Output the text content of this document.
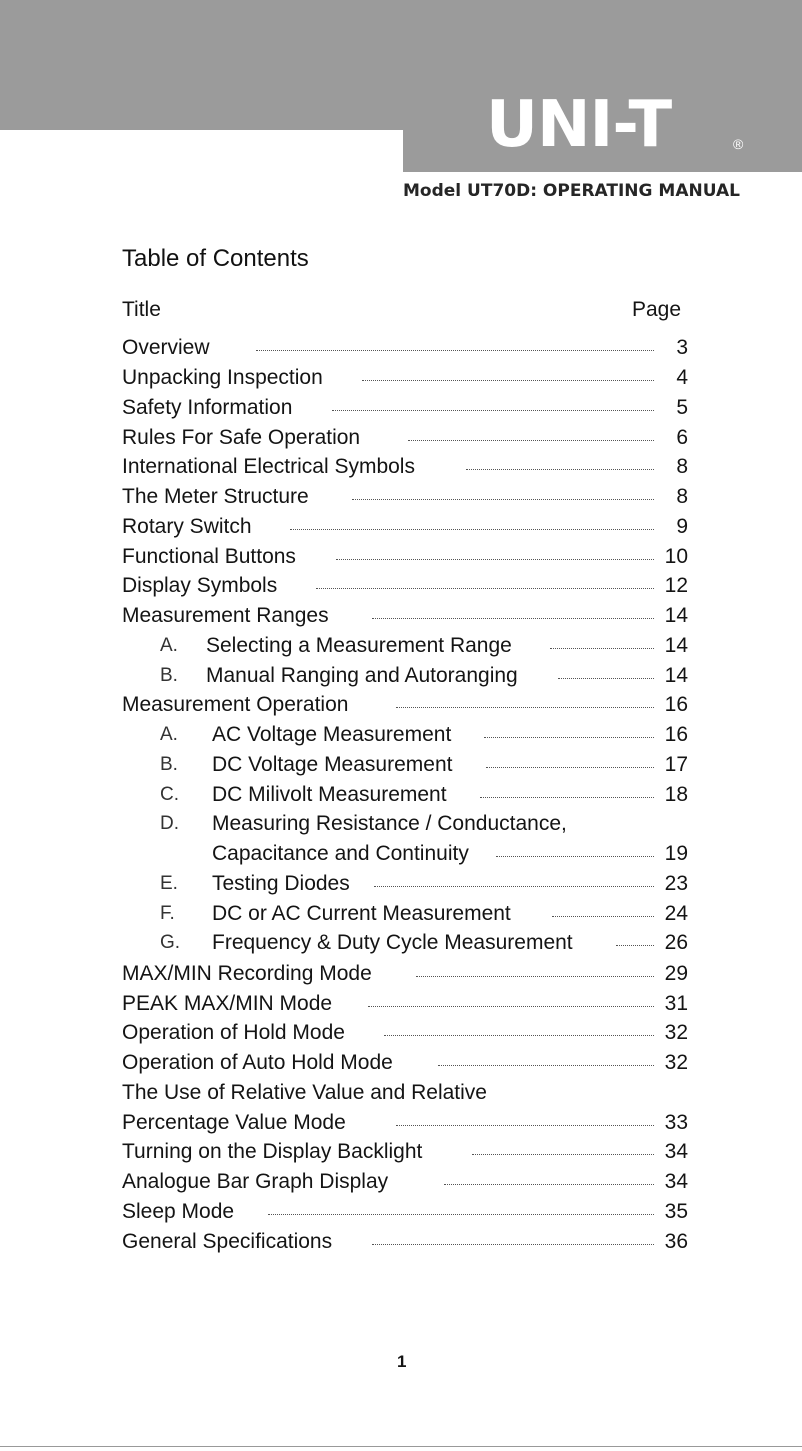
UNI-T	®
Model UT70D: OPERATING MANUAL
Table of Contents
Title	Page
Overview	3
Unpacking Inspection	4
Safety Information	5
Rules For Safe Operation	6
International Electrical Symbols	8
The Meter Structure	8
Rotary Switch	9
Functional Buttons	10
Display Symbols	12
Measurement Ranges	14
A. Selecting a Measurement Range	14
B. Manual Ranging and Autoranging	14
Measurement Operation	16
A. AC Voltage Measurement	16
B. DC Voltage Measurement	17
C. DC Milivolt Measurement	18
D. Measuring Resistance / Conductance,
Capacitance and Continuity	19
E. Testing Diodes	23
F. DC or AC Current Measurement	24
G. Frequency & Duty Cycle Measurement	26
MAX/MIN Recording Mode	29
PEAK MAX/MIN Mode	31
Operation of Hold Mode	32
Operation of Auto Hold Mode	32
The Use of Relative Value and Relative
Percentage Value Mode	33
Turning on the Display Backlight	34
Analogue Bar Graph Display	34
Sleep Mode	35
General Specifications	36
1
